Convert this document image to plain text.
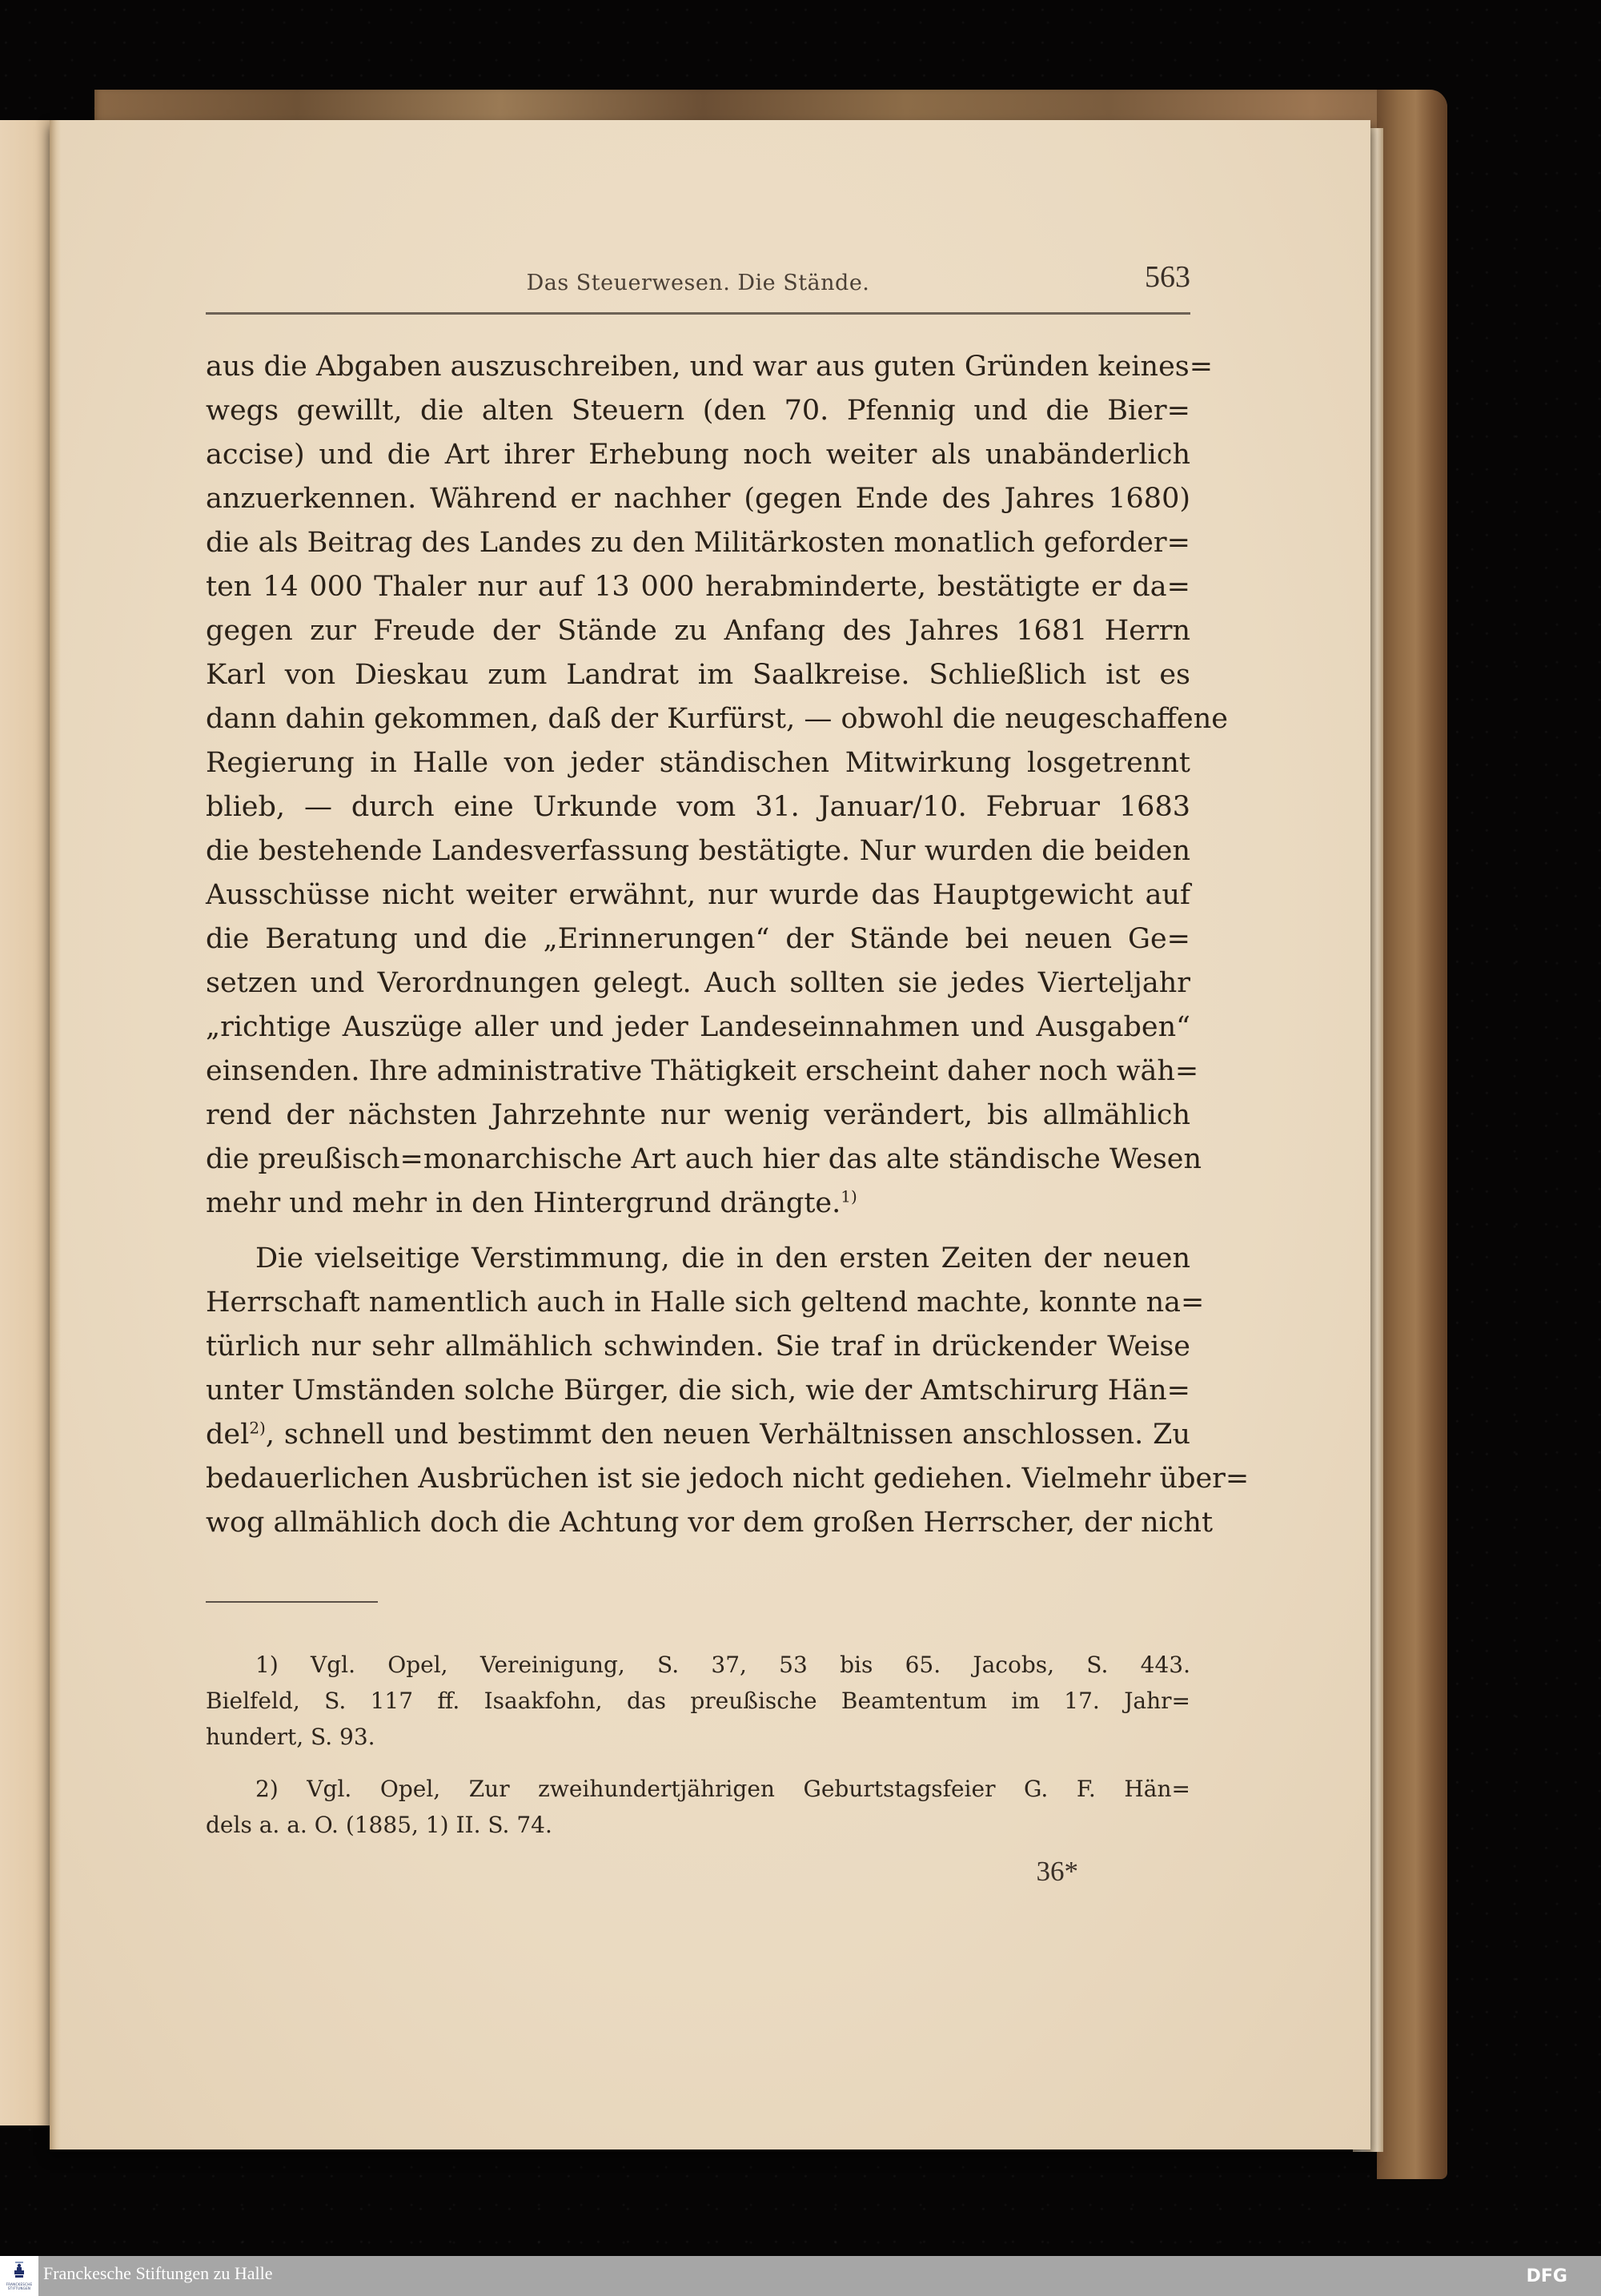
Das Steuerwesen. Die Stände.	563
aus die Abgaben auszuschreiben, und war aus guten Gründen keines=
wegs gewillt, die alten Steuern (den 70. Pfennig und die Bier=
accise) und die Art ihrer Erhebung noch weiter als unabänderlich
anzuerkennen. Während er nachher (gegen Ende des Jahres 1680)
die als Beitrag des Landes zu den Militärkosten monatlich geforder=
ten 14 000 Thaler nur auf 13 000 herabminderte, bestätigte er da=
gegen zur Freude der Stände zu Anfang des Jahres 1681 Herrn
Karl von Dieskau zum Landrat im Saalkreise. Schließlich ist es
dann dahin gekommen, daß der Kurfürst, — obwohl die neugeschaffene
Regierung in Halle von jeder ständischen Mitwirkung losgetrennt
blieb, — durch eine Urkunde vom 31. Januar/10. Februar 1683
die bestehende Landesverfassung bestätigte. Nur wurden die beiden
Ausschüsse nicht weiter erwähnt, nur wurde das Hauptgewicht auf
die Beratung und die „Erinnerungen“ der Stände bei neuen Ge=
setzen und Verordnungen gelegt. Auch sollten sie jedes Vierteljahr
„richtige Auszüge aller und jeder Landeseinnahmen und Ausgaben“
einsenden. Ihre administrative Thätigkeit erscheint daher noch wäh=
rend der nächsten Jahrzehnte nur wenig verändert, bis allmählich
die preußisch=monarchische Art auch hier das alte ständische Wesen
mehr und mehr in den Hintergrund drängte.$^{1)}$
Die vielseitige Verstimmung, die in den ersten Zeiten der neuen
Herrschaft namentlich auch in Halle sich geltend machte, konnte na=
türlich nur sehr allmählich schwinden. Sie traf in drückender Weise
unter Umständen solche Bürger, die sich, wie der Amtschirurg Hän=
del$^{2)}$, schnell und bestimmt den neuen Verhältnissen anschlossen. Zu
bedauerlichen Ausbrüchen ist sie jedoch nicht gediehen. Vielmehr über=
wog allmählich doch die Achtung vor dem großen Herrscher, der nicht
1) Vgl. Opel, Vereinigung, S. 37, 53 bis 65. Jacobs, S. 443.
Bielfeld, S. 117 ff. Isaakfohn, das preußische Beamtentum im 17. Jahr=
hundert, S. 93.
2) Vgl. Opel, Zur zweihundertjährigen Geburtstagsfeier G. F. Hän=
dels a. a. O. (1885, 1) II. S. 74.
36*
FRANCKESCHE STIFTUNGEN
Franckesche Stiftungen zu Halle	DFG
